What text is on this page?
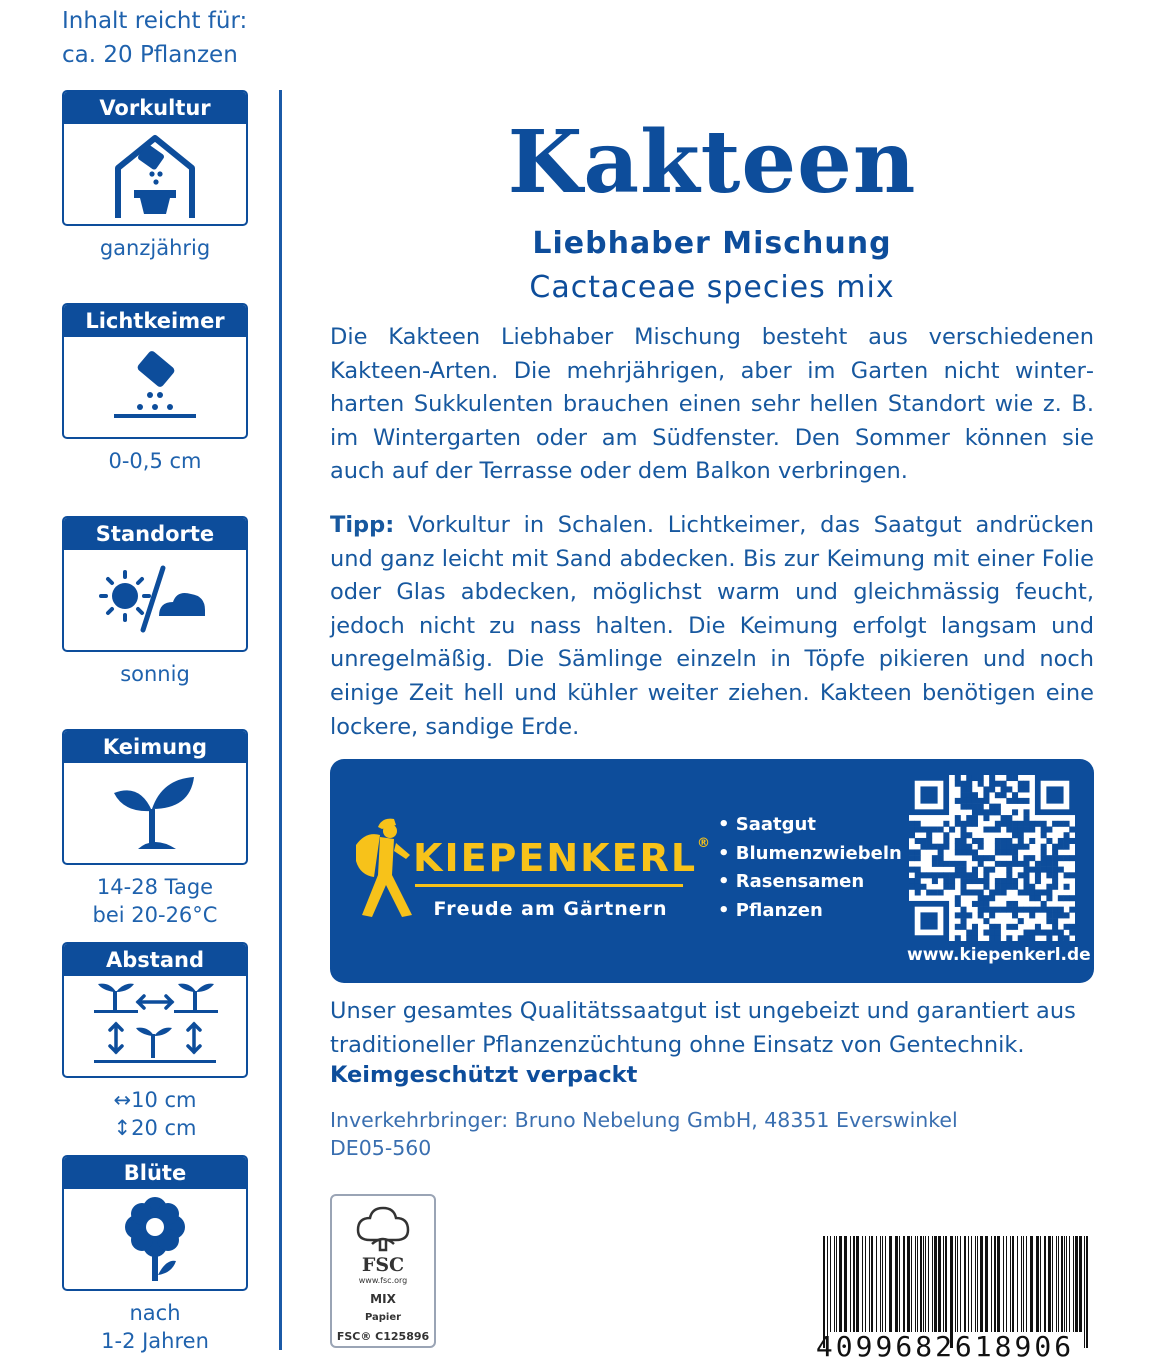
Inhalt reicht für:
ca. 20 Pflanzen
Vorkultur
ganzjährig
Lichtkeimer
0-0,5 cm
Standorte
sonnig
Keimung
14-28 Tage
bei 20-26°C
Abstand
↔10 cm
↕20 cm
Blüte
nach
1-2 Jahren
Kakteen
Liebhaber Mischung
Cactaceae species mix
Die Kakteen Liebhaber Mischung besteht aus verschiedenen Kakteen-Arten. Die mehrjährigen, aber im Garten nicht winterharten Sukkulenten brauchen einen sehr hellen Standort wie z. B. im Wintergarten oder am Südfenster. Den Sommer können sie auch auf der Terrasse oder dem Balkon verbringen.
Tipp: Vorkultur in Schalen. Lichtkeimer, das Saatgut andrücken und ganz leicht mit Sand abdecken. Bis zur Keimung mit einer Folie oder Glas abdecken, möglichst warm und gleichmässig feucht, jedoch nicht zu nass halten. Die Keimung erfolgt langsam und unregelmäßig. Die Sämlinge einzeln in Töpfe pikieren und noch einige Zeit hell und kühler weiter ziehen. Kakteen benötigen eine lockere, sandige Erde.
KIEPENKERL®
Freude am Gärtnern
• Saatgut
• Blumenzwiebeln
• Rasensamen
• Pflanzen
www.kiepenkerl.de
Unser gesamtes Qualitätssaatgut ist ungebeizt und garantiert aus traditioneller Pflanzenzüchtung ohne Einsatz von Gentechnik.
Keimgeschützt verpackt
Inverkehrbringer: Bruno Nebelung GmbH, 48351 Everswinkel
DE05-560
FSC
www.fsc.org
MIX
Papier
FSC® C125896	4099682618906
